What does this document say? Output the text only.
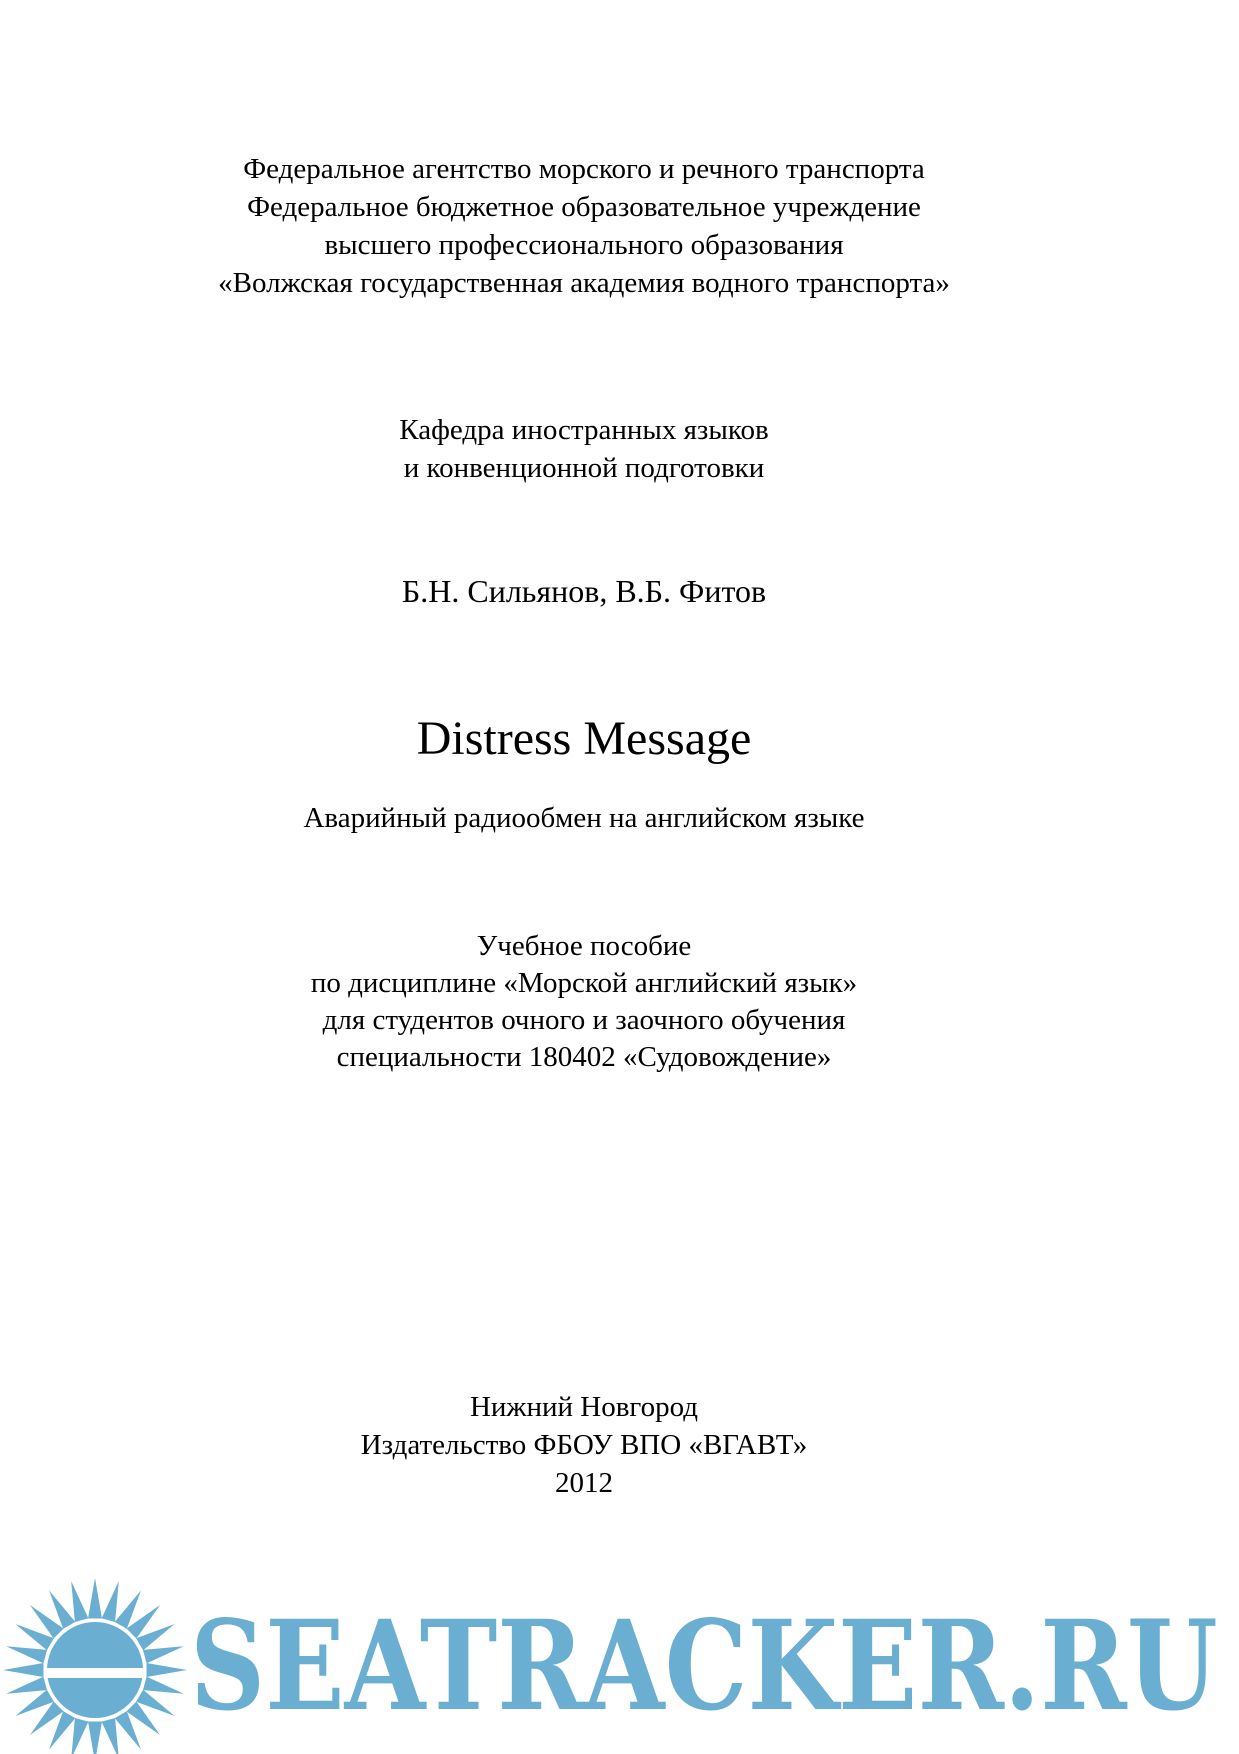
Федеральное агентство морского и речного транспорта
Федеральное бюджетное образовательное учреждение
высшего профессионального образования
«Волжская государственная академия водного транспорта»
Кафедра иностранных языков
и конвенционной подготовки
Б.Н. Сильянов, В.Б. Фитов
Distress Message
Аварийный радиообмен на английском языке
Учебное пособие
по дисциплине «Морской английский язык»
для студентов очного и заочного обучения
специальности 180402 «Судовождение»
Нижний Новгород
Издательство ФБОУ ВПО «ВГАВТ»
2012
SEATRACKER.RU
